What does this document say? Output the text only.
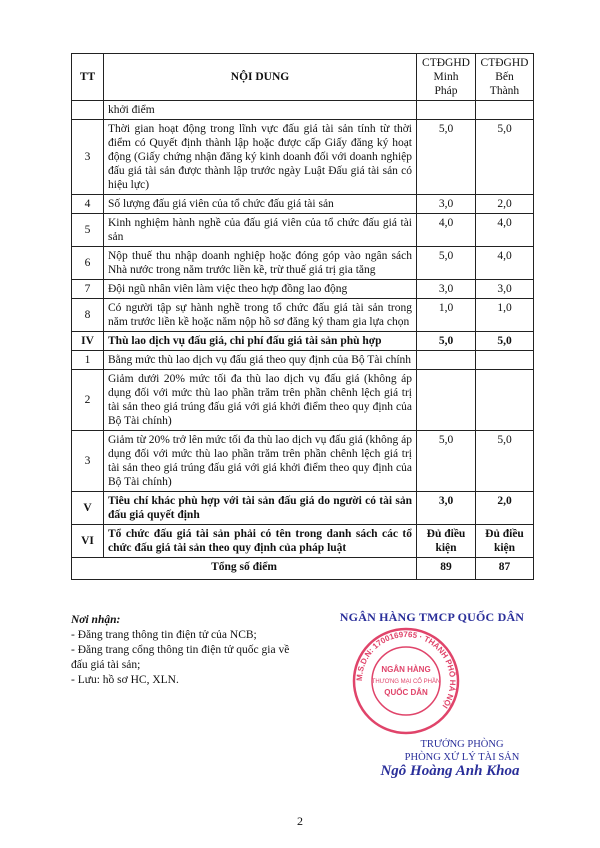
TT	NỘI DUNG	CTĐGHD Minh Pháp	CTĐGHD Bến Thành
	khởi điểm		
3	Thời gian hoạt động trong lĩnh vực đấu giá tài sản tính từ thời điểm có Quyết định thành lập hoặc được cấp Giấy đăng ký hoạt động (Giấy chứng nhận đăng ký kinh doanh đối với doanh nghiệp đấu giá tài sản được thành lập trước ngày Luật Đấu giá tài sản có hiệu lực)	5,0	5,0
4	Số lượng đấu giá viên của tổ chức đấu giá tài sản	3,0	2,0
5	Kinh nghiệm hành nghề của đấu giá viên của tổ chức đấu giá tài sản	4,0	4,0
6	Nộp thuế thu nhập doanh nghiệp hoặc đóng góp vào ngân sách Nhà nước trong năm trước liền kề, trừ thuế giá trị gia tăng	5,0	4,0
7	Đội ngũ nhân viên làm việc theo hợp đồng lao động	3,0	3,0
8	Có người tập sự hành nghề trong tổ chức đấu giá tài sản trong năm trước liền kề hoặc năm nộp hồ sơ đăng ký tham gia lựa chọn	1,0	1,0
IV	Thù lao dịch vụ đấu giá, chi phí đấu giá tài sản phù hợp	5,0	5,0
1	Bằng mức thù lao dịch vụ đấu giá theo quy định của Bộ Tài chính		
2	Giảm dưới 20% mức tối đa thù lao dịch vụ đấu giá (không áp dụng đối với mức thù lao phần trăm trên phần chênh lệch giá trị tài sản theo giá trúng đấu giá với giá khởi điểm theo quy định của Bộ Tài chính)		
3	Giảm từ 20% trở lên mức tối đa thù lao dịch vụ đấu giá (không áp dụng đối với mức thù lao phần trăm trên phần chênh lệch giá trị tài sản theo giá trúng đấu giá với giá khởi điểm theo quy định của Bộ Tài chính)	5,0	5,0
V	Tiêu chí khác phù hợp với tài sản đấu giá do người có tài sản đấu giá quyết định	3,0	2,0
VI	Tổ chức đấu giá tài sản phải có tên trong danh sách các tổ chức đấu giá tài sản theo quy định của pháp luật	Đủ điều kiện	Đủ điều kiện
Tổng số điểm		89	87
Nơi nhận:
- Đăng trang thông tin điện tử của NCB;
- Đăng trang cổng thông tin điện tử quốc gia về đấu giá tài sản;
- Lưu: hồ sơ HC, XLN.
NGÂN HÀNG TMCP QUỐC DÂN
M.S.D.N: 1700169765 · THÀNH PHỐ HÀ NỘI
NGÂN HÀNG
THƯƠNG MẠI CỔ PHẦN
QUỐC DÂN
TRƯỞNG PHÒNG
PHÒNG XỬ LÝ TÀI SẢN
Ngô Hoàng Anh Khoa
2
